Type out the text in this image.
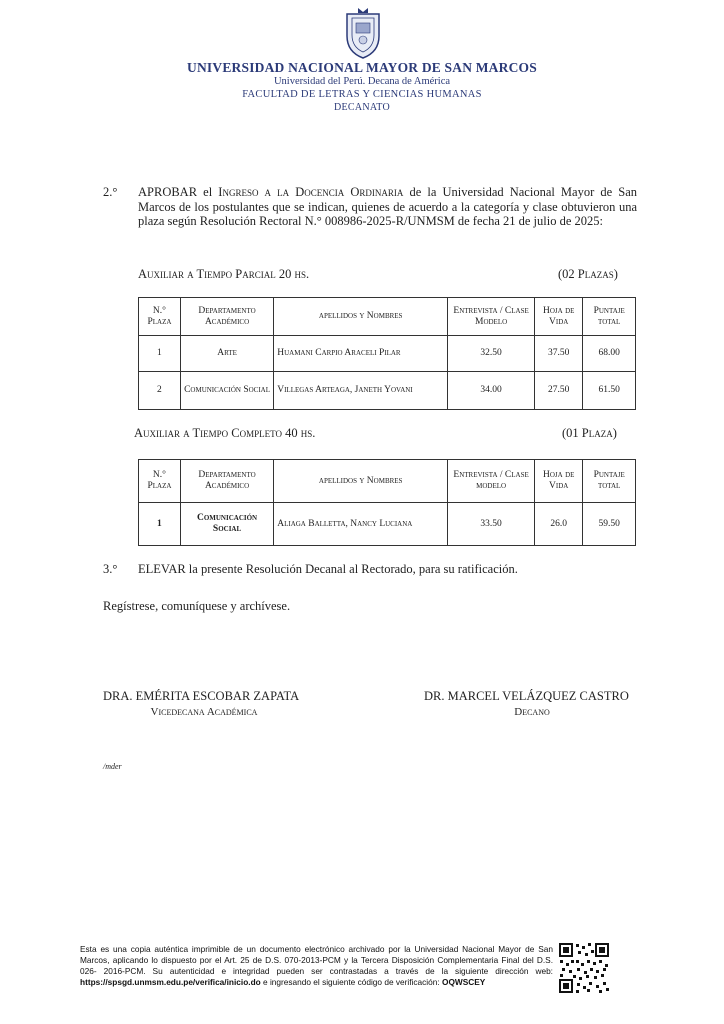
UNIVERSIDAD NACIONAL MAYOR DE SAN MARCOS
Universidad del Perú. Decana de América
FACULTAD DE LETRAS Y CIENCIAS HUMANAS
DECANATO
2.° APROBAR el Ingreso a la Docencia Ordinaria de la Universidad Nacional Mayor de San Marcos de los postulantes que se indican, quienes de acuerdo a la categoría y clase obtuvieron una plaza según Resolución Rectoral N.° 008986-2025-R/UNMSM de fecha 21 de julio de 2025:
Auxiliar a Tiempo Parcial 20 hs.	(02 Plazas)
N.° Plaza	Departamento Académico	apellidos y Nombres	Entrevista / Clase Modelo	Hoja de Vida	Puntaje total
1	Arte	Huamani Carpio Araceli Pilar	32.50	37.50	68.00
2	Comunicación Social	Villegas Arteaga, Janeth Yovani	34.00	27.50	61.50
Auxiliar a Tiempo Completo 40 hs.	(01 Plaza)
N.° Plaza	Departamento Académico	apellidos y Nombres	Entrevista / Clase modelo	Hoja de Vida	Puntaje total
1	Comunicación Social	Aliaga Balletta, Nancy Luciana	33.50	26.0	59.50
3.° ELEVAR la presente Resolución Decanal al Rectorado, para su ratificación.
Regístrese, comuníquese y archívese.
DRA. EMÉRITA ESCOBAR ZAPATA
Vicedecana Académica
DR. MARCEL VELÁZQUEZ CASTRO
Decano
/mder
Esta es una copia auténtica imprimible de un documento electrónico archivado por la Universidad Nacional Mayor de San Marcos, aplicando lo dispuesto por el Art. 25 de D.S. 070-2013-PCM y la Tercera Disposición Complementaria Final del D.S. 026- 2016-PCM. Su autenticidad e integridad pueden ser contrastadas a través de la siguiente dirección web: https://spsgd.unmsm.edu.pe/verifica/inicio.do e ingresando el siguiente código de verificación: OQWSCEY
